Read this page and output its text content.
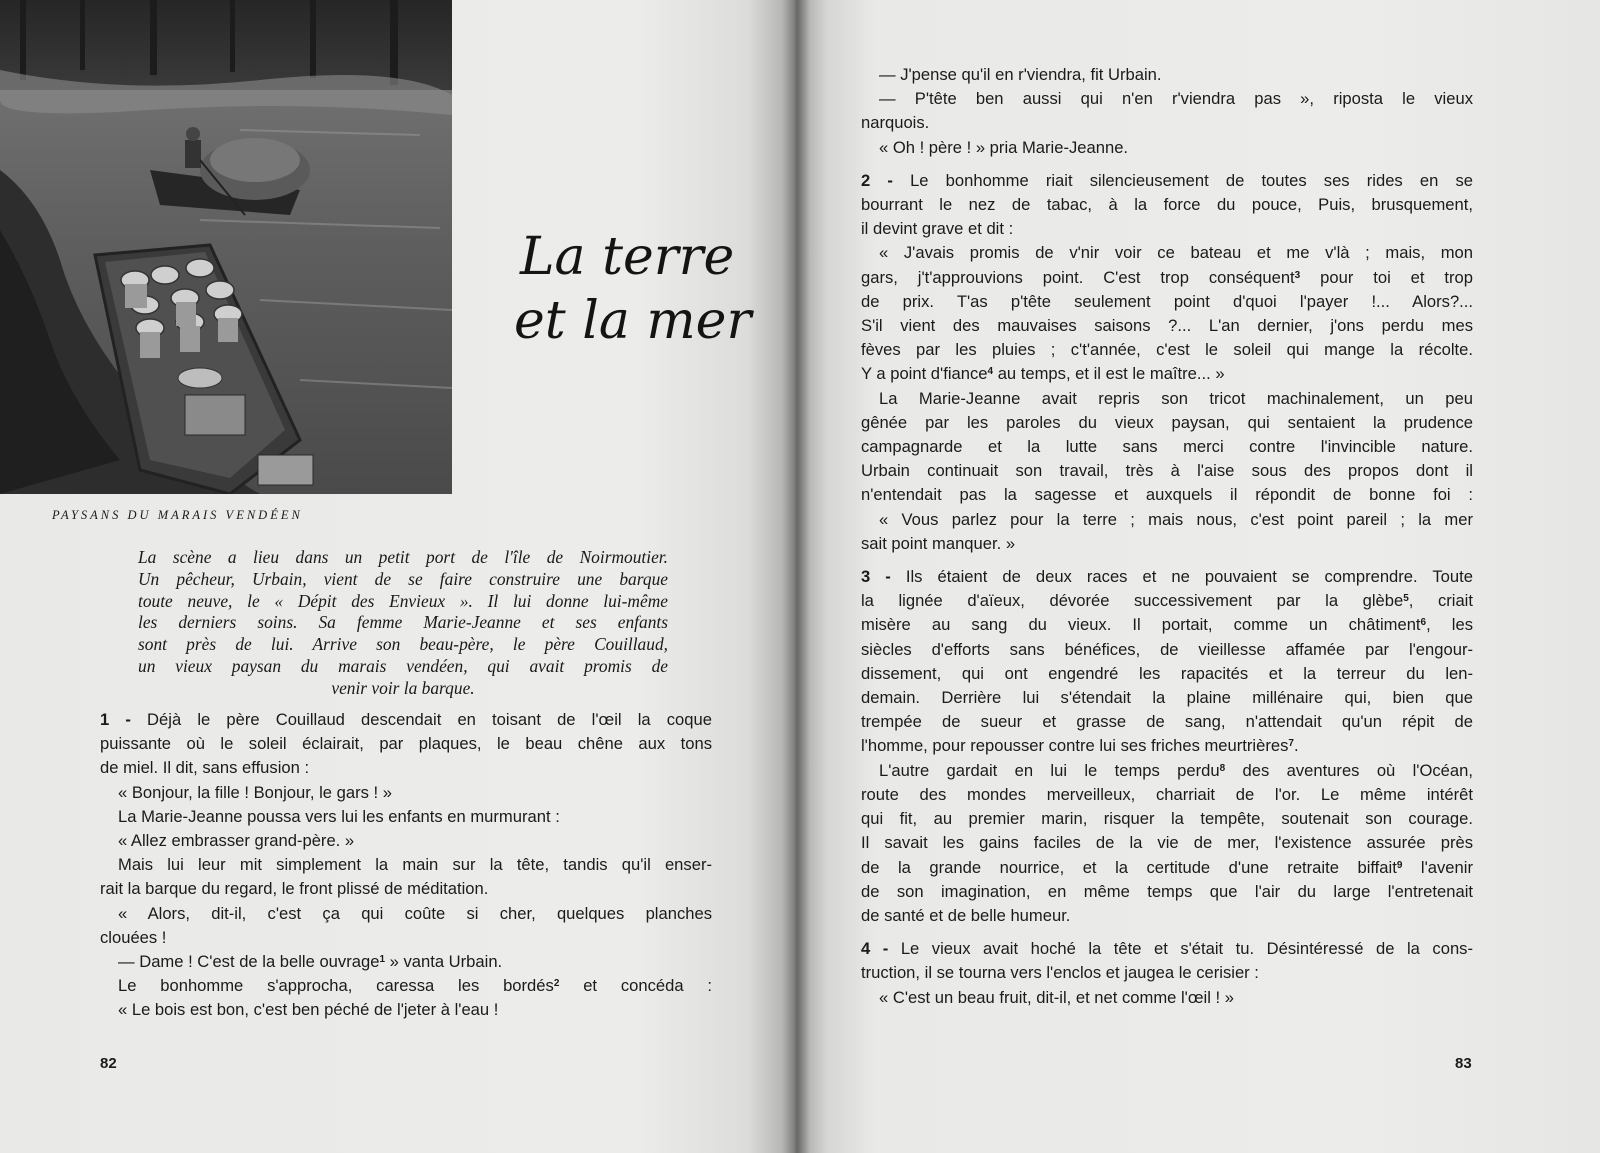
PAYSANS DU MARAIS VENDÉEN
La terre
et la mer
La scène a lieu dans un petit port de l'île de Noirmoutier.
Un pêcheur, Urbain, vient de se faire construire une barque
toute neuve, le « Dépit des Envieux ». Il lui donne lui-même
les derniers soins. Sa femme Marie-Jeanne et ses enfants
sont près de lui. Arrive son beau-père, le père Couillaud,
un vieux paysan du marais vendéen, qui avait promis de
venir voir la barque.
1 - Déjà le père Couillaud descendait en toisant de l'œil la coque
puissante où le soleil éclairait, par plaques, le beau chêne aux tons
de miel. Il dit, sans effusion :
« Bonjour, la fille ! Bonjour, le gars ! »
La Marie-Jeanne poussa vers lui les enfants en murmurant :
« Allez embrasser grand-père. »
Mais lui leur mit simplement la main sur la tête, tandis qu'il enser-
rait la barque du regard, le front plissé de méditation.
« Alors, dit-il, c'est ça qui coûte si cher, quelques planches
clouées !
— Dame ! C'est de la belle ouvrage$^1$ » vanta Urbain.
Le bonhomme s'approcha, caressa les bordés$^2$ et concéda :
« Le bois est bon, c'est ben péché de l'jeter à l'eau !
82
— J'pense qu'il en r'viendra, fit Urbain.
— P'tête ben aussi qui n'en r'viendra pas », riposta le vieux
narquois.
« Oh ! père ! » pria Marie-Jeanne.
2 - Le bonhomme riait silencieusement de toutes ses rides en se
bourrant le nez de tabac, à la force du pouce, Puis, brusquement,
il devint grave et dit :
« J'avais promis de v'nir voir ce bateau et me v'là ; mais, mon
gars, j't'approuvions point. C'est trop conséquent$^3$ pour toi et trop
de prix. T'as p'tête seulement point d'quoi l'payer !... Alors?...
S'il vient des mauvaises saisons ?... L'an dernier, j'ons perdu mes
fèves par les pluies ; c't'année, c'est le soleil qui mange la récolte.
Y a point d'fiance$^4$ au temps, et il est le maître... »
La Marie-Jeanne avait repris son tricot machinalement, un peu
gênée par les paroles du vieux paysan, qui sentaient la prudence
campagnarde et la lutte sans merci contre l'invincible nature.
Urbain continuait son travail, très à l'aise sous des propos dont il
n'entendait pas la sagesse et auxquels il répondit de bonne foi :
« Vous parlez pour la terre ; mais nous, c'est point pareil ; la mer
sait point manquer. »
3 - Ils étaient de deux races et ne pouvaient se comprendre. Toute
la lignée d'aïeux, dévorée successivement par la glèbe$^5$, criait
misère au sang du vieux. Il portait, comme un châtiment$^6$, les
siècles d'efforts sans bénéfices, de vieillesse affamée par l'engour-
dissement, qui ont engendré les rapacités et la terreur du len-
demain. Derrière lui s'étendait la plaine millénaire qui, bien que
trempée de sueur et grasse de sang, n'attendait qu'un répit de
l'homme, pour repousser contre lui ses friches meurtrières$^7$.
L'autre gardait en lui le temps perdu$^8$ des aventures où l'Océan,
route des mondes merveilleux, charriait de l'or. Le même intérêt
qui fit, au premier marin, risquer la tempête, soutenait son courage.
Il savait les gains faciles de la vie de mer, l'existence assurée près
de la grande nourrice, et la certitude d'une retraite biffait$^9$ l'avenir
de son imagination, en même temps que l'air du large l'entretenait
de santé et de belle humeur.
4 - Le vieux avait hoché la tête et s'était tu. Désintéressé de la cons-
truction, il se tourna vers l'enclos et jaugea le cerisier :
« C'est un beau fruit, dit-il, et net comme l'œil ! »
83
